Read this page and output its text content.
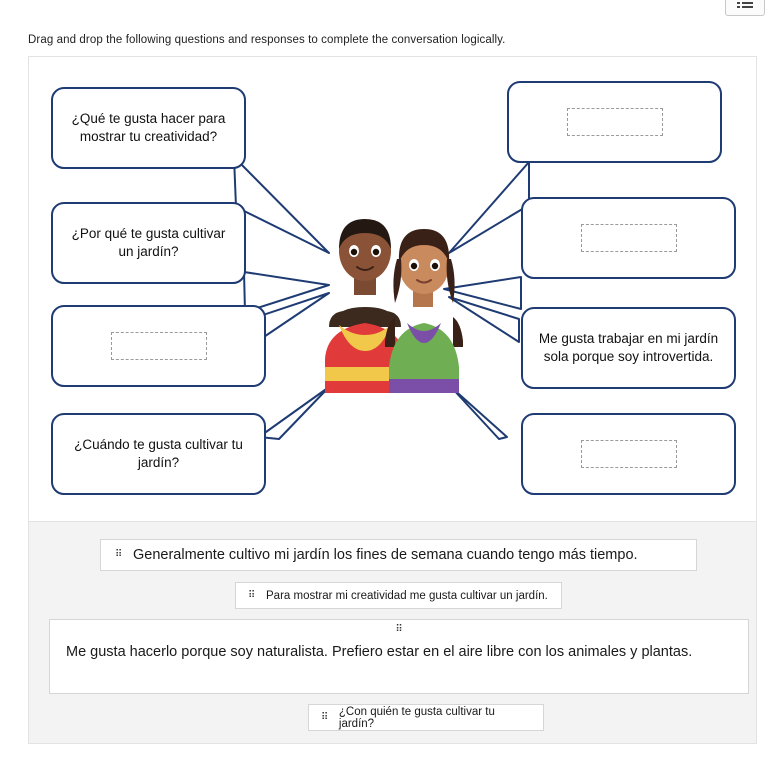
Drag and drop the following questions and responses to complete the conversation logically.
¿Qué te gusta hacer para mostrar tu creatividad?
¿Por qué te gusta cultivar un jardín?
¿Cuándo te gusta cultivar tu jardín?
Me gusta trabajar en mi jardín sola porque soy introvertida.
⠿ Generalmente cultivo mi jardín los fines de semana cuando tengo más tiempo.
⠿ Para mostrar mi creatividad me gusta cultivar un jardín.
⠿
Me gusta hacerlo porque soy naturalista. Prefiero estar en el aire libre con los animales y plantas.
⠿ ¿Con quién te gusta cultivar tu jardín?
